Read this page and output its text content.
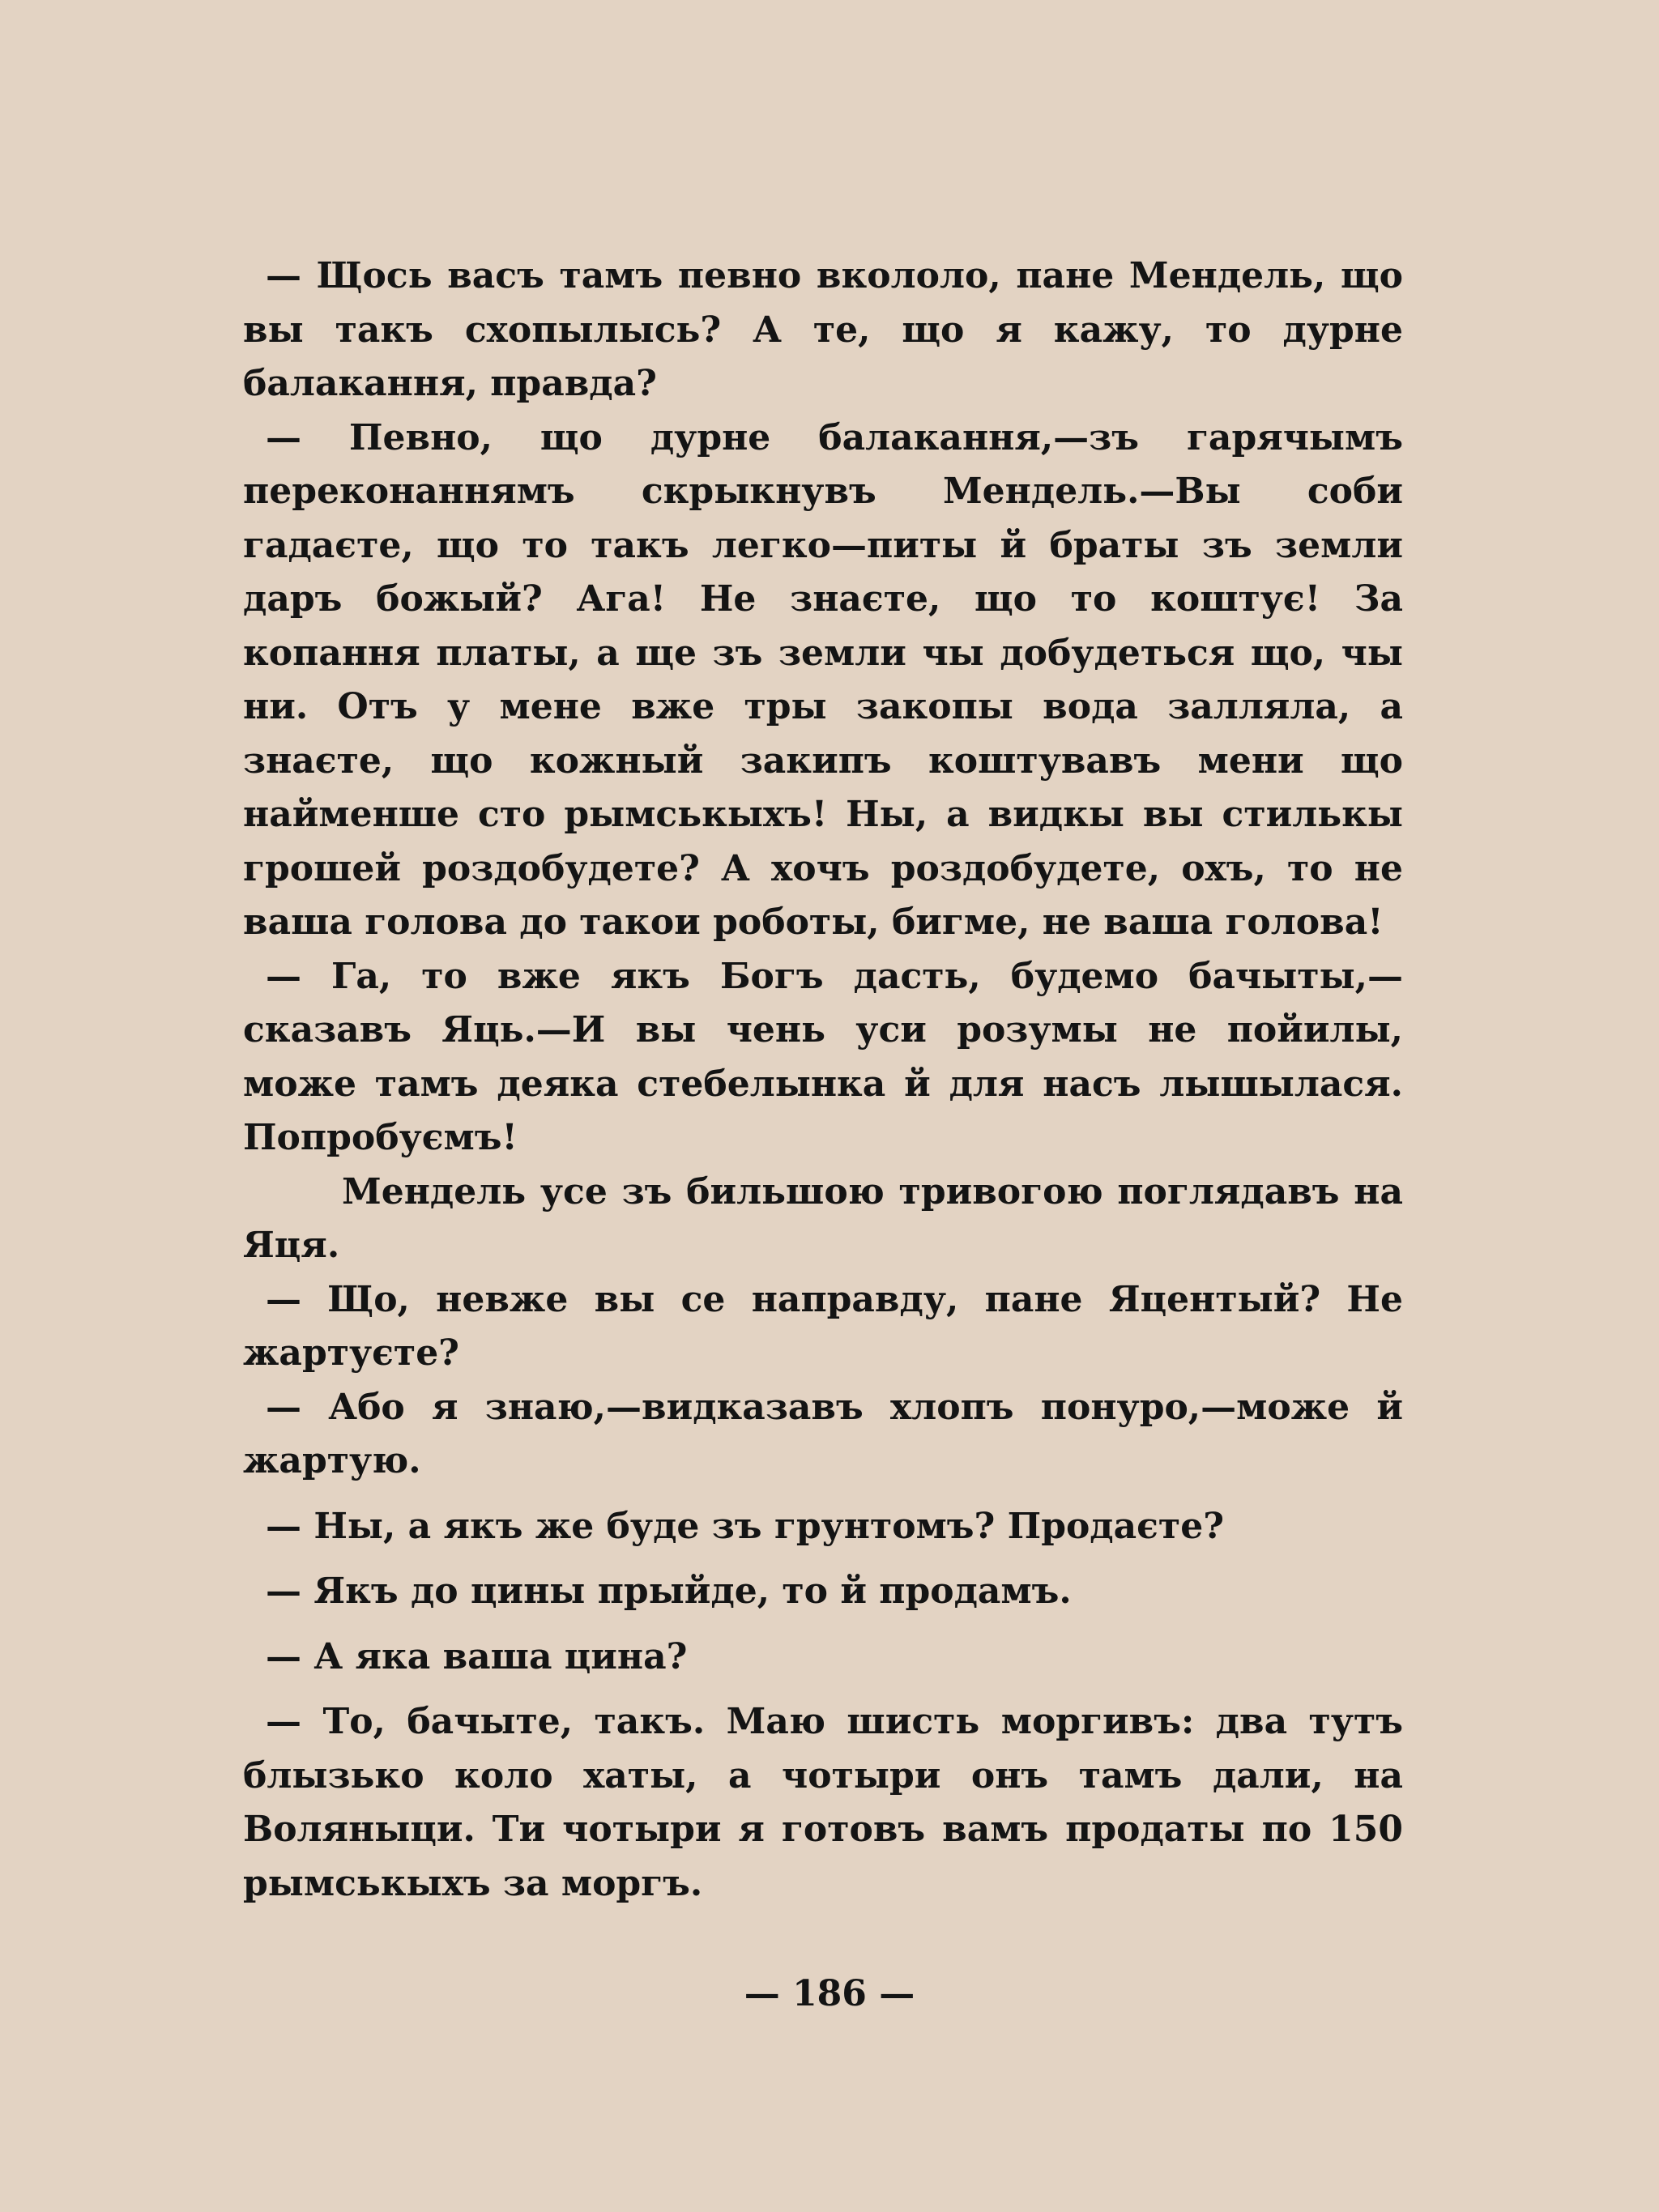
— Щось васъ тамъ певно вкололо, пане Мендель, що вы такъ схопылысь? А те, що я кажу, то дурне балакання, правда?

— Певно, що дурне балакання,—зъ гарячымъ переконаннямъ скрыкнувъ Мендель.—Вы соби гадаєте, що то такъ легко—питы й браты зъ земли даръ божый? Ага! Не знаєте, що то коштує! За копання платы, а ще зъ земли чы добудеться що, чы ни. Отъ у мене вже тры закопы вода залляла, а знаєте, що кожный закипъ коштувавъ мени що найменше сто рымськыхъ! Ны, а видкы вы стилькы грошей роздобудете? А хочъ роздобудете, охъ, то не ваша голова до такои роботы, бигме, не ваша голова!

— Га, то вже якъ Богъ дасть, будемо бачыты,—сказавъ Яць.—И вы чень уси розумы не пойилы, може тамъ деяка стебелынка й для насъ лышылася. Попробуємъ!

Мендель усе зъ бильшою тривогою поглядавъ на Яця.

— Що, невже вы се направду, пане Яцентый? Не жартуєте?

— Або я знаю,—видказавъ хлопъ понуро,—може й жартую.

— Ны, а якъ же буде зъ грунтомъ? Продаєте?

— Якъ до цины прыйде, то й продамъ.

— А яка ваша цина?

— То, бачыте, такъ. Маю шисть моргивъ: два тутъ блызько коло хаты, а чотыри онъ тамъ дали, на Воляныци. Ти чотыри я готовъ вамъ продаты по 150 рымськыхъ за моргъ.

— 186 —
